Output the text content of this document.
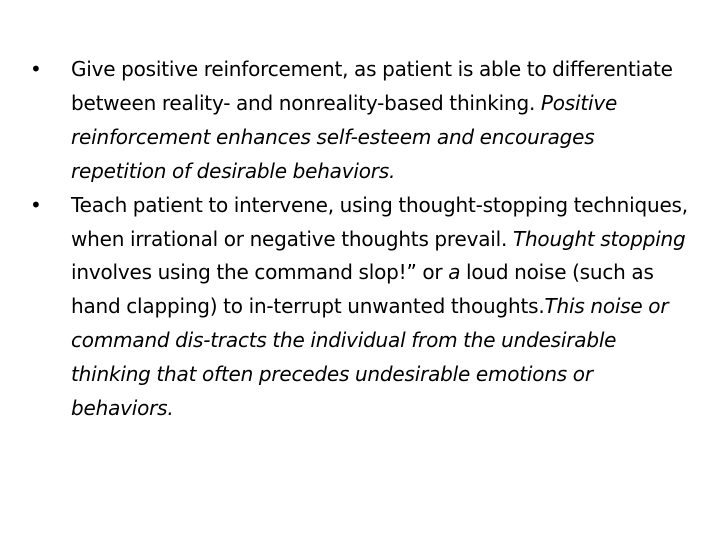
• Give positive reinforcement, as patient is able to differentiate between reality- and nonreality-based thinking. Positive reinforcement enhances self-esteem and encourages repetition of desirable behaviors.
• Teach patient to intervene, using thought-stopping techniques, when irrational or negative thoughts prevail. Thought stopping involves using the command slop!” or a loud noise (such as hand clapping) to in-terrupt unwanted thoughts.This noise or command dis-tracts the individual from the undesirable thinking that often precedes undesirable emotions or behaviors.
